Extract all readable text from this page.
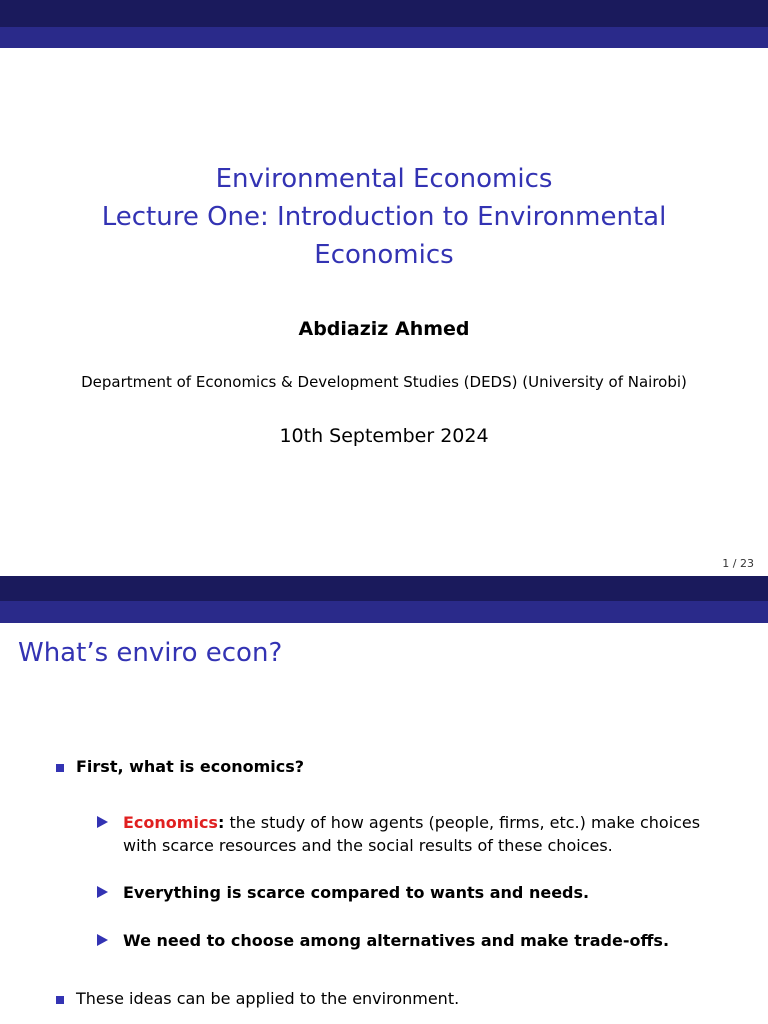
Environmental Economics
Lecture One: Introduction to Environmental
Economics
Abdiaziz Ahmed
Department of Economics & Development Studies (DEDS) (University of Nairobi)
10th September 2024
1 / 23
What’s enviro econ?
First, what is economics?
Economics: the study of how agents (people, firms, etc.) make choices with scarce resources and the social results of these choices.
Everything is scarce compared to wants and needs.
We need to choose among alternatives and make trade-offs.
These ideas can be applied to the environment.
